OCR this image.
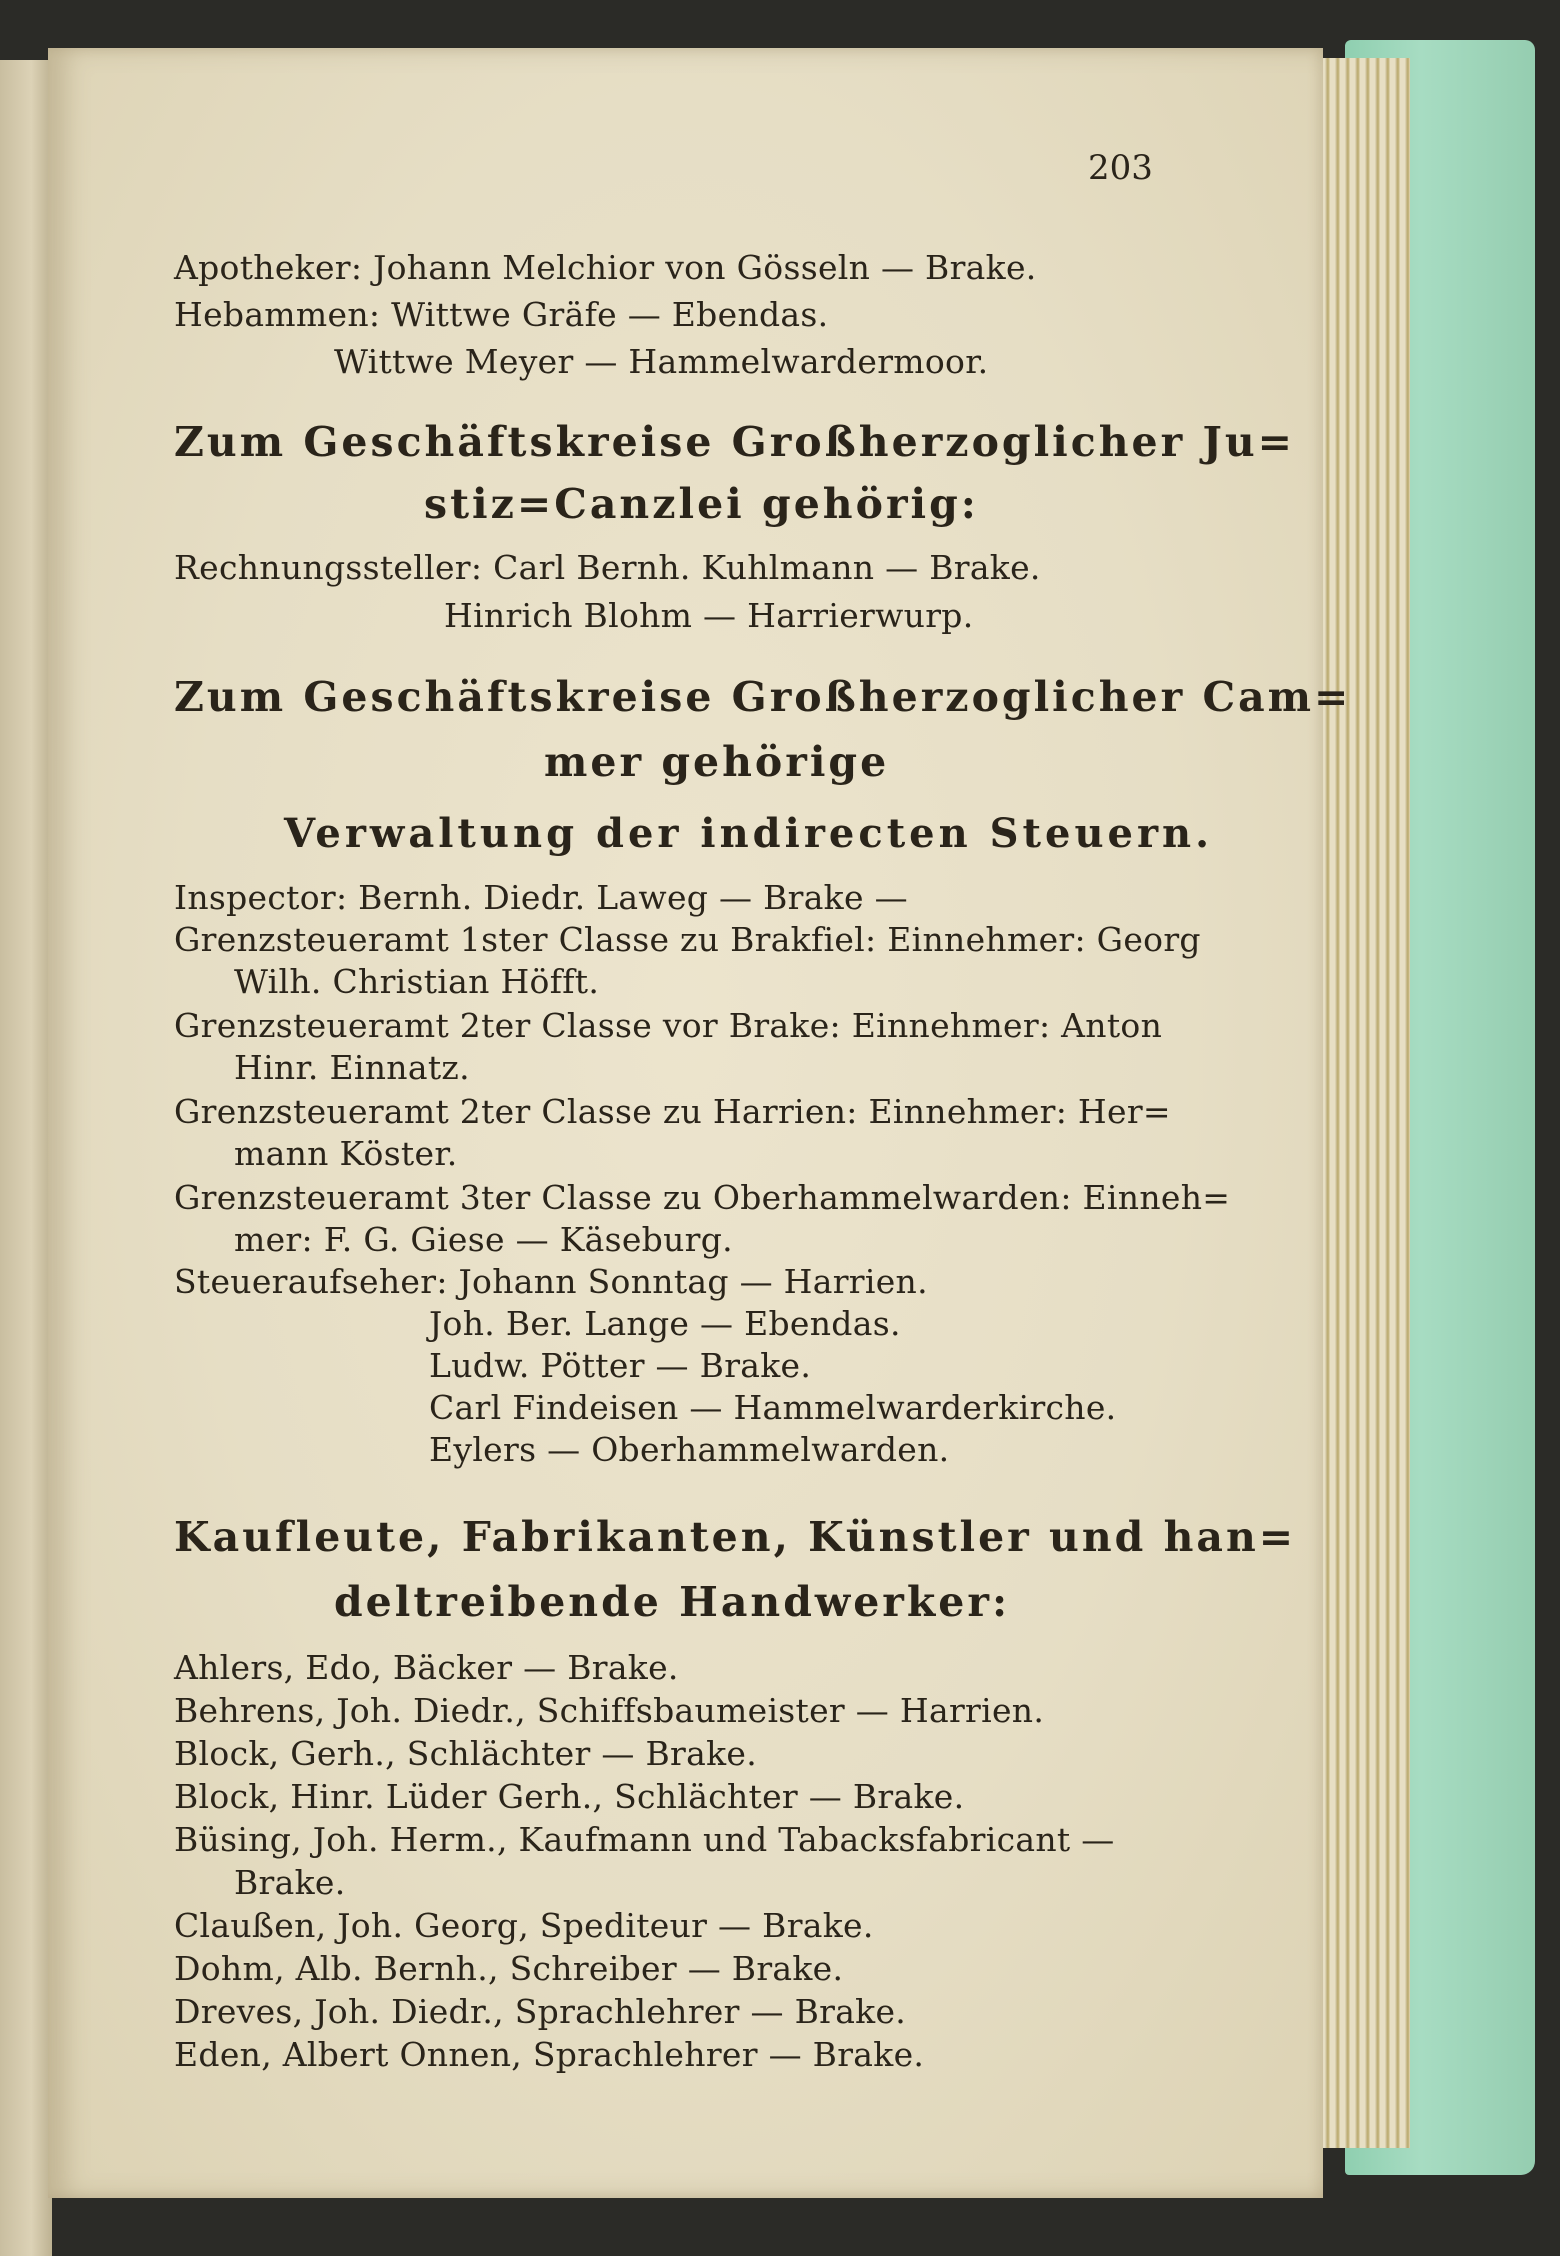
203
Apotheker: Johann Melchior von Gösseln — Brake.
Hebammen: Wittwe Gräfe — Ebendas.
Wittwe Meyer — Hammelwardermoor.
Zum Geschäftskreise Großherzoglicher Ju=
stiz=Canzlei gehörig:
Rechnungssteller: Carl Bernh. Kuhlmann — Brake.
Hinrich Blohm — Harrierwurp.
Zum Geschäftskreise Großherzoglicher Cam=
mer gehörige
Verwaltung der indirecten Steuern.
Inspector: Bernh. Diedr. Laweg — Brake —
Grenzsteueramt 1ster Classe zu Brakfiel: Einnehmer: Georg
Wilh. Christian Höfft.
Grenzsteueramt 2ter Classe vor Brake: Einnehmer: Anton
Hinr. Einnatz.
Grenzsteueramt 2ter Classe zu Harrien: Einnehmer: Her=
mann Köster.
Grenzsteueramt 3ter Classe zu Oberhammelwarden: Einneh=
mer: F. G. Giese — Käseburg.
Steueraufseher: Johann Sonntag — Harrien.
Joh. Ber. Lange — Ebendas.
Ludw. Pötter — Brake.
Carl Findeisen — Hammelwarderkirche.
Eylers — Oberhammelwarden.
Kaufleute, Fabrikanten, Künstler und han=
deltreibende Handwerker:
Ahlers, Edo, Bäcker — Brake.
Behrens, Joh. Diedr., Schiffsbaumeister — Harrien.
Block, Gerh., Schlächter — Brake.
Block, Hinr. Lüder Gerh., Schlächter — Brake.
Büsing, Joh. Herm., Kaufmann und Tabacksfabricant —
Brake.
Claußen, Joh. Georg, Spediteur — Brake.
Dohm, Alb. Bernh., Schreiber — Brake.
Dreves, Joh. Diedr., Sprachlehrer — Brake.
Eden, Albert Onnen, Sprachlehrer — Brake.
